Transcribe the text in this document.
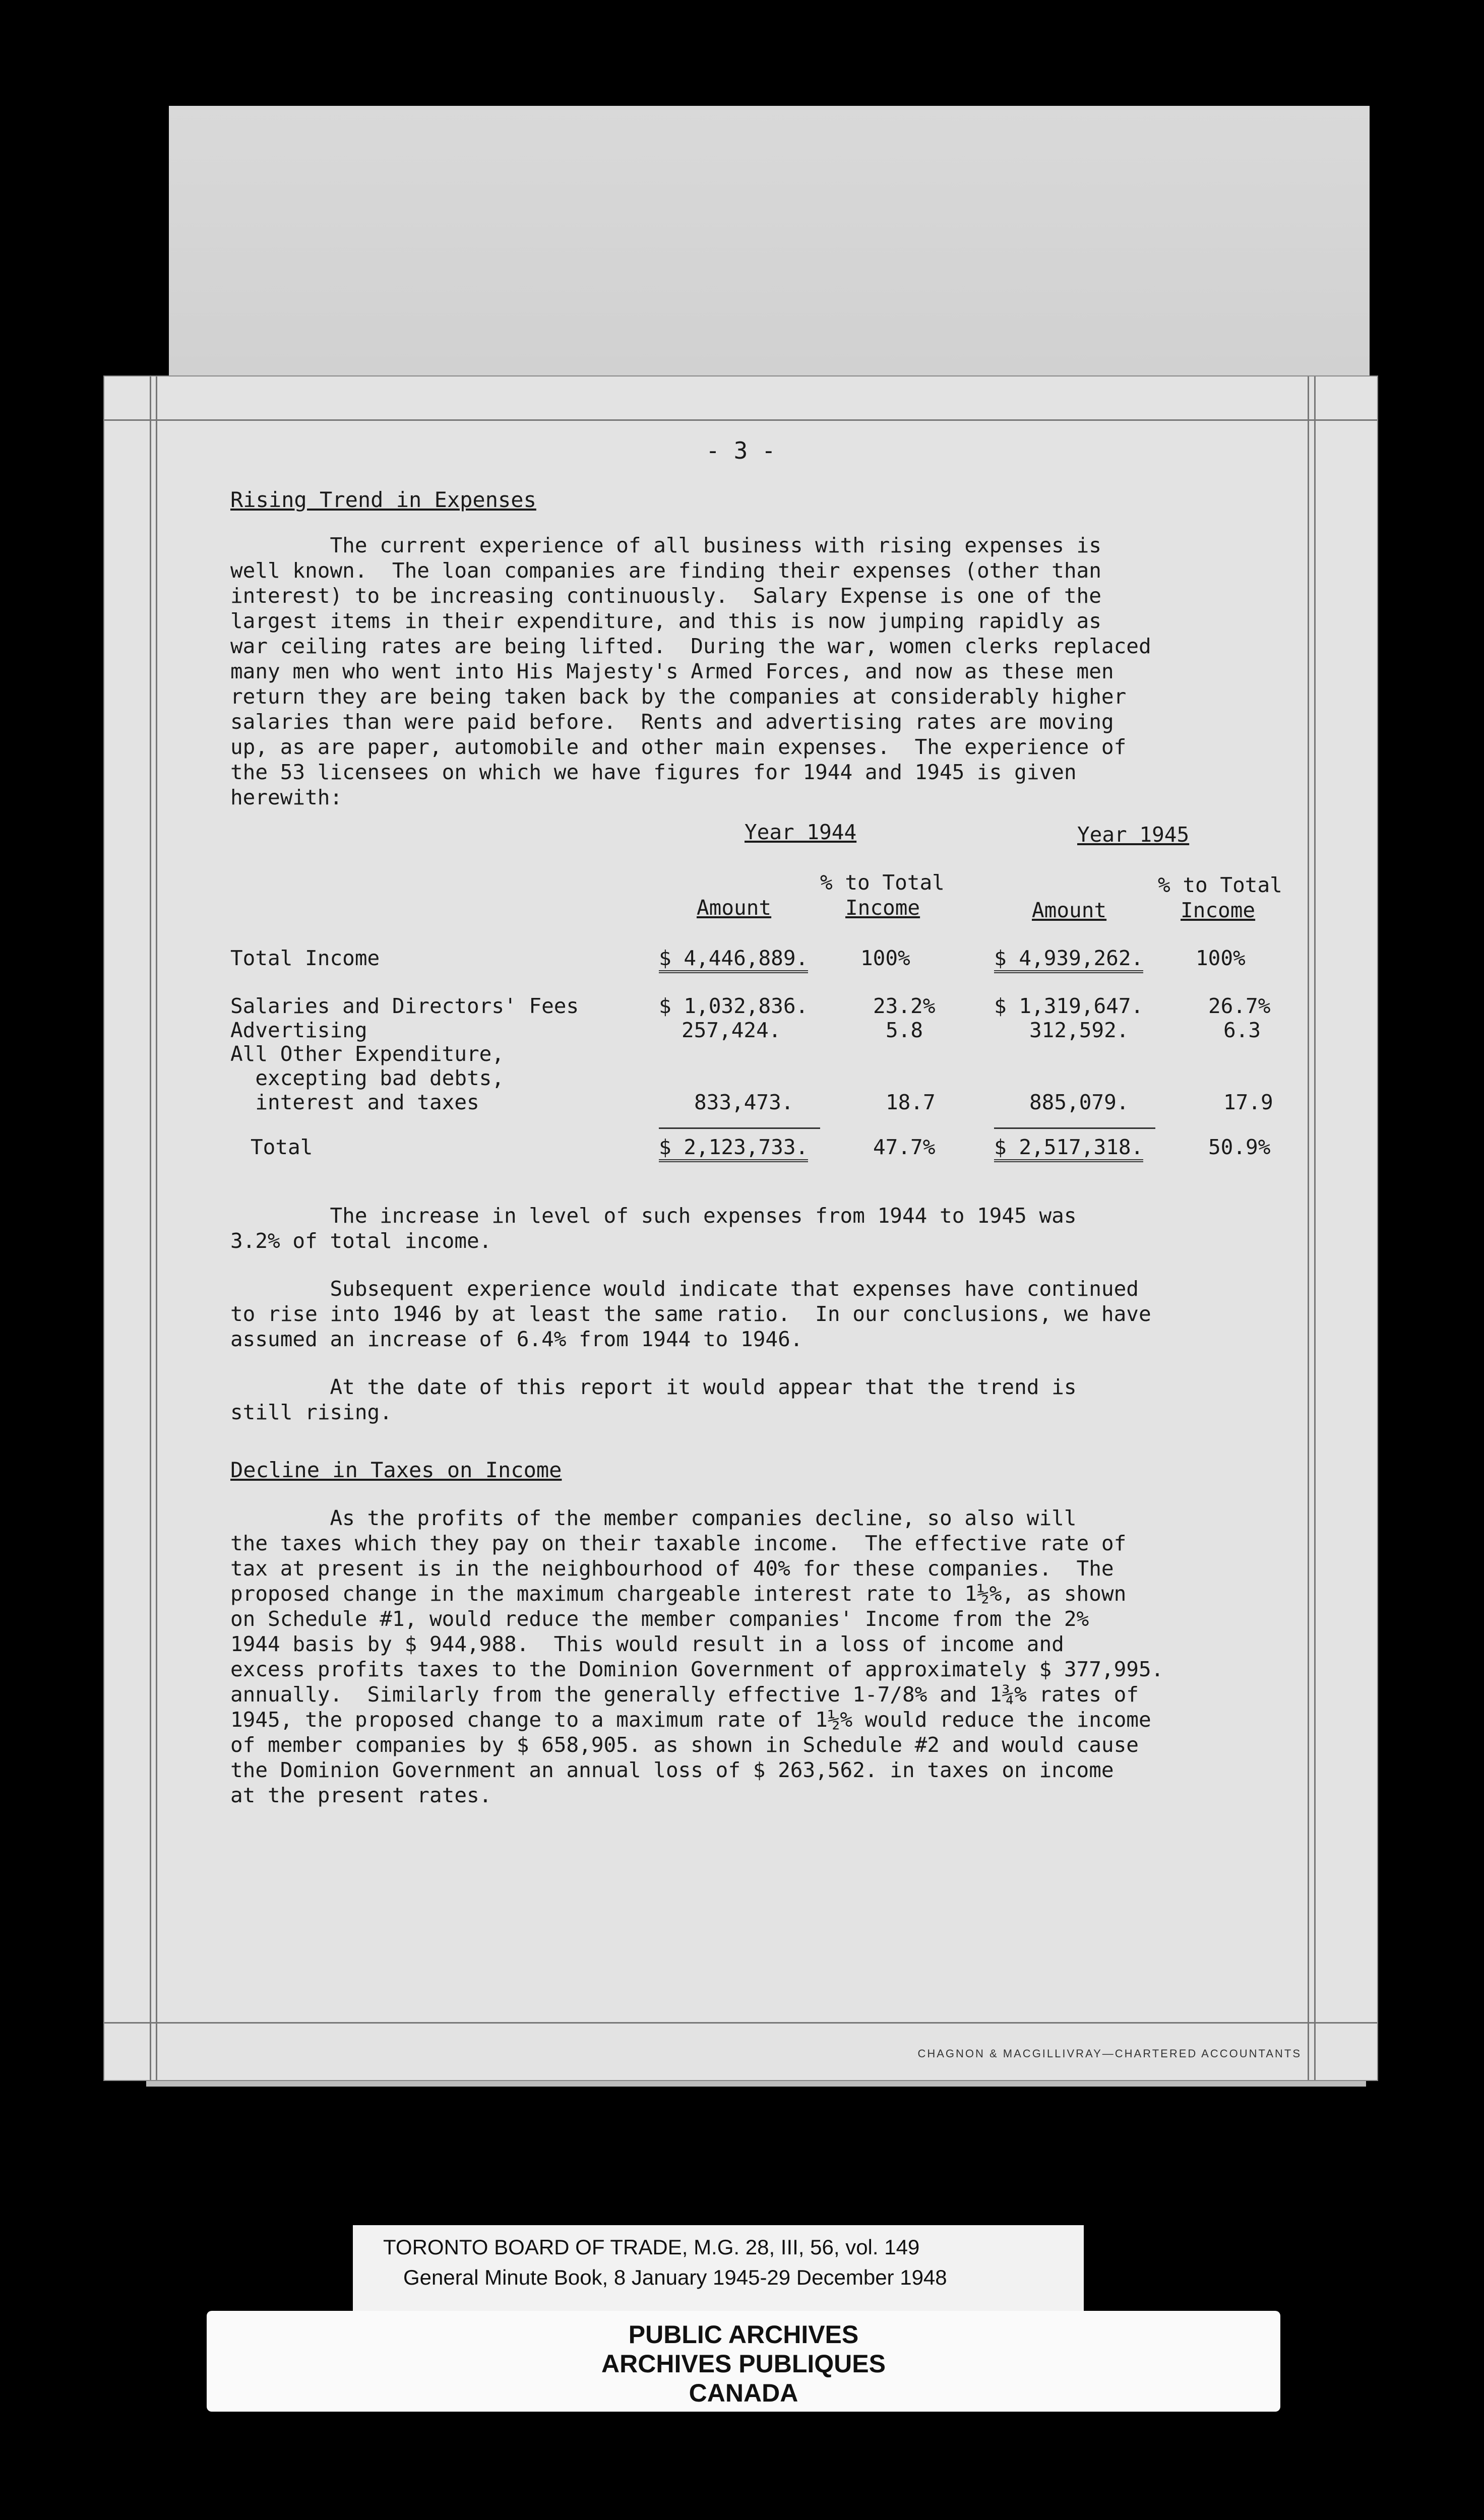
- 3 -
Rising Trend in Expenses
The current experience of all business with rising expenses is
well known.  The loan companies are finding their expenses (other than
interest) to be increasing continuously.  Salary Expense is one of the
largest items in their expenditure, and this is now jumping rapidly as
war ceiling rates are being lifted.  During the war, women clerks replaced
many men who went into His Majesty's Armed Forces, and now as these men
return they are being taken back by the companies at considerably higher
salaries than were paid before.  Rents and advertising rates are moving
up, as are paper, automobile and other main expenses.  The experience of
the 53 licensees on which we have figures for 1944 and 1945 is given
herewith:
Year 1944	Year 1945
% to Total	% to Total
Amount	Income	Amount	Income
Total Income	$ 4,446,889.	100%	$ 4,939,262.	100%
Salaries and Directors' Fees	$ 1,032,836.	23.2%	$ 1,319,647.	26.7%
Advertising	257,424.	5.8	312,592.	6.3
All Other Expenditure,
excepting bad debts,
interest and taxes	833,473.	18.7	885,079.	17.9
Total	$ 2,123,733.	47.7%	$ 2,517,318.	50.9%
The increase in level of such expenses from 1944 to 1945 was
3.2% of total income.
Subsequent experience would indicate that expenses have continued
to rise into 1946 by at least the same ratio.  In our conclusions, we have
assumed an increase of 6.4% from 1944 to 1946.
At the date of this report it would appear that the trend is
still rising.
Decline in Taxes on Income
As the profits of the member companies decline, so also will
the taxes which they pay on their taxable income.  The effective rate of
tax at present is in the neighbourhood of 40% for these companies.  The
proposed change in the maximum chargeable interest rate to 1½%, as shown
on Schedule #1, would reduce the member companies' Income from the 2%
1944 basis by $ 944,988.  This would result in a loss of income and
excess profits taxes to the Dominion Government of approximately $ 377,995.
annually.  Similarly from the generally effective 1-7/8% and 1¾% rates of
1945, the proposed change to a maximum rate of 1½% would reduce the income
of member companies by $ 658,905. as shown in Schedule #2 and would cause
the Dominion Government an annual loss of $ 263,562. in taxes on income
at the present rates.
CHAGNON & MACGILLIVRAY—CHARTERED ACCOUNTANTS
TORONTO BOARD OF TRADE, M.G. 28, III, 56, vol. 149
General Minute Book, 8 January 1945-29 December 1948
PUBLIC ARCHIVES
ARCHIVES PUBLIQUES
CANADA
